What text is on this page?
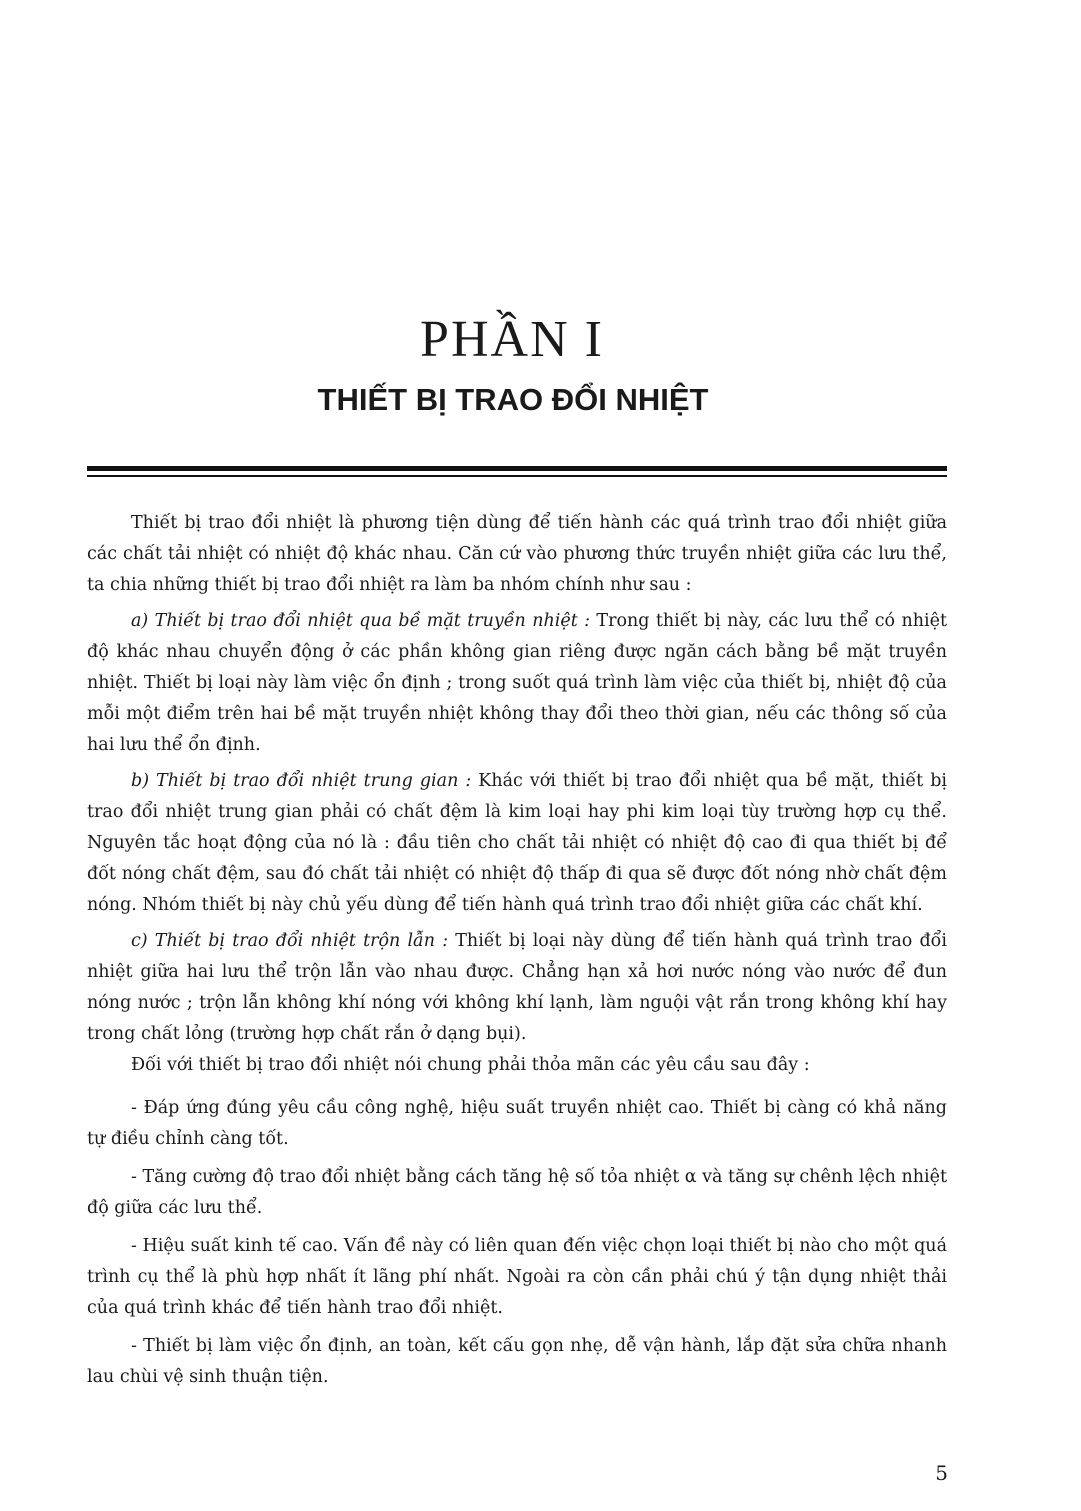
PHẦN I
THIẾT BỊ TRAO ĐỔI NHIỆT

Thiết bị trao đổi nhiệt là phương tiện dùng để tiến hành các quá trình trao đổi nhiệt giữa các chất tải nhiệt có nhiệt độ khác nhau. Căn cứ vào phương thức truyền nhiệt giữa các lưu thể, ta chia những thiết bị trao đổi nhiệt ra làm ba nhóm chính như sau :

a) Thiết bị trao đổi nhiệt qua bề mặt truyền nhiệt : Trong thiết bị này, các lưu thể có nhiệt độ khác nhau chuyển động ở các phần không gian riêng được ngăn cách bằng bề mặt truyền nhiệt. Thiết bị loại này làm việc ổn định ; trong suốt quá trình làm việc của thiết bị, nhiệt độ của mỗi một điểm trên hai bề mặt truyền nhiệt không thay đổi theo thời gian, nếu các thông số của hai lưu thể ổn định.

b) Thiết bị trao đổi nhiệt trung gian : Khác với thiết bị trao đổi nhiệt qua bề mặt, thiết bị trao đổi nhiệt trung gian phải có chất đệm là kim loại hay phi kim loại tùy trường hợp cụ thể. Nguyên tắc hoạt động của nó là : đầu tiên cho chất tải nhiệt có nhiệt độ cao đi qua thiết bị để đốt nóng chất đệm, sau đó chất tải nhiệt có nhiệt độ thấp đi qua sẽ được đốt nóng nhờ chất đệm nóng. Nhóm thiết bị này chủ yếu dùng để tiến hành quá trình trao đổi nhiệt giữa các chất khí.

c) Thiết bị trao đổi nhiệt trộn lẫn : Thiết bị loại này dùng để tiến hành quá trình trao đổi nhiệt giữa hai lưu thể trộn lẫn vào nhau được. Chẳng hạn xả hơi nước nóng vào nước để đun nóng nước ; trộn lẫn không khí nóng với không khí lạnh, làm nguội vật rắn trong không khí hay trong chất lỏng (trường hợp chất rắn ở dạng bụi).

Đối với thiết bị trao đổi nhiệt nói chung phải thỏa mãn các yêu cầu sau đây :

- Đáp ứng đúng yêu cầu công nghệ, hiệu suất truyền nhiệt cao. Thiết bị càng có khả năng tự điều chỉnh càng tốt.

- Tăng cường độ trao đổi nhiệt bằng cách tăng hệ số tỏa nhiệt α và tăng sự chênh lệch nhiệt độ giữa các lưu thể.

- Hiệu suất kinh tế cao. Vấn đề này có liên quan đến việc chọn loại thiết bị nào cho một quá trình cụ thể là phù hợp nhất ít lãng phí nhất. Ngoài ra còn cần phải chú ý tận dụng nhiệt thải của quá trình khác để tiến hành trao đổi nhiệt.

- Thiết bị làm việc ổn định, an toàn, kết cấu gọn nhẹ, dễ vận hành, lắp đặt sửa chữa nhanh lau chùi vệ sinh thuận tiện.

5
